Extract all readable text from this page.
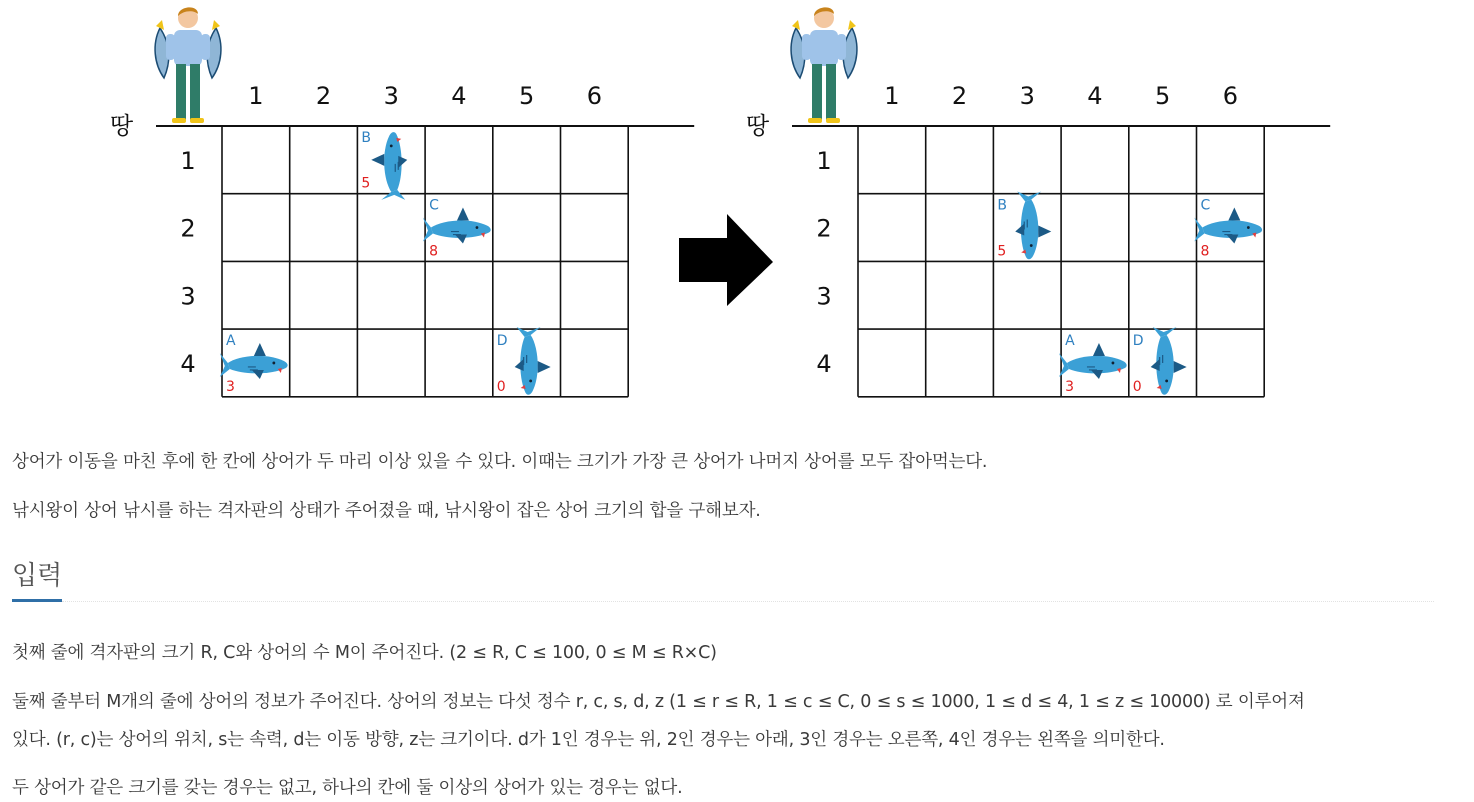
땅
1 2 3 4 5 6
1
2
3
4
A
3
B
5
C
8
D
0
땅
1 2 3 4 5 6
1
2
3
4
A
3
B
5
C
8
D
0
상어가 이동을 마친 후에 한 칸에 상어가 두 마리 이상 있을 수 있다. 이때는 크기가 가장 큰 상어가 나머지 상어를 모두 잡아먹는다.
낚시왕이 상어 낚시를 하는 격자판의 상태가 주어졌을 때, 낚시왕이 잡은 상어 크기의 합을 구해보자.
입력
첫째 줄에 격자판의 크기 R, C와 상어의 수 M이 주어진다. (2 ≤ R, C ≤ 100, 0 ≤ M ≤ R×C)
둘째 줄부터 M개의 줄에 상어의 정보가 주어진다. 상어의 정보는 다섯 정수 r, c, s, d, z (1 ≤ r ≤ R, 1 ≤ c ≤ C, 0 ≤ s ≤ 1000, 1 ≤ d ≤ 4, 1 ≤ z ≤ 10000) 로 이루어져
있다. (r, c)는 상어의 위치, s는 속력, d는 이동 방향, z는 크기이다. d가 1인 경우는 위, 2인 경우는 아래, 3인 경우는 오른쪽, 4인 경우는 왼쪽을 의미한다.
두 상어가 같은 크기를 갖는 경우는 없고, 하나의 칸에 둘 이상의 상어가 있는 경우는 없다.
